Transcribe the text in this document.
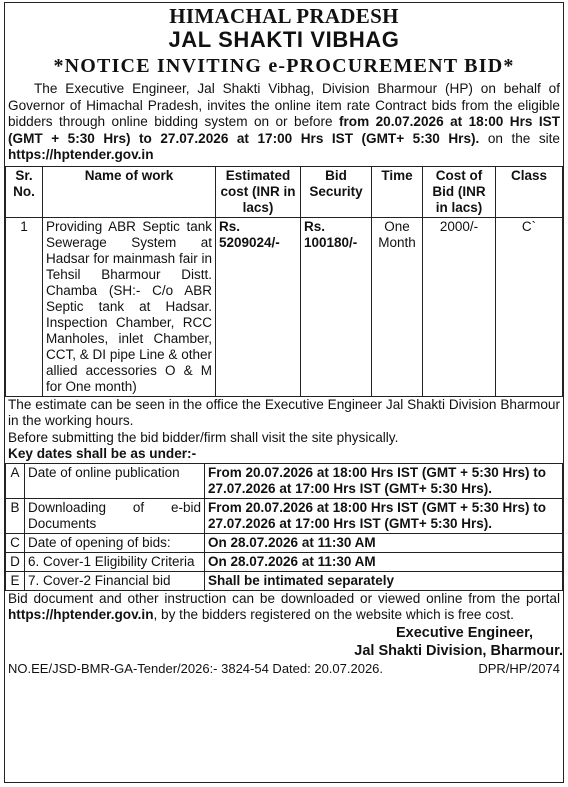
HIMACHAL PRADESH
JAL SHAKTI VIBHAG
*NOTICE INVITING e-PROCUREMENT BID*

The Executive Engineer, Jal Shakti Vibhag, Division Bharmour (HP) on behalf of Governor of Himachal Pradesh, invites the online item rate Contract bids from the eligible bidders through online bidding system on or before from 20.07.2026 at 18:00 Hrs IST (GMT + 5:30 Hrs) to 27.07.2026 at 17:00 Hrs IST (GMT+ 5:30 Hrs). on the site https://hptender.gov.in

Sr. No.	Name of work	Estimated cost (INR in lacs)	Bid Security	Time	Cost of Bid (INR in lacs)	Class
1	Providing ABR Septic tank Sewerage System at Hadsar for mainmash fair in Tehsil Bharmour Distt. Chamba (SH:- C/o ABR Septic tank at Hadsar. Inspection Chamber, RCC Manholes, inlet Chamber, CCT, & DI pipe Line & other allied accessories O & M for One month)	Rs. 5209024/-	Rs. 100180/-	One Month	2000/-	C`

The estimate can be seen in the office the Executive Engineer Jal Shakti Division Bharmour in the working hours.

Before submitting the bid bidder/firm shall visit the site physically.

Key dates shall be as under:-

A	Date of online publication	From 20.07.2026 at 18:00 Hrs IST (GMT + 5:30 Hrs) to 27.07.2026 at 17:00 Hrs IST (GMT+ 5:30 Hrs).
B	Downloading of e-bid Documents	From 20.07.2026 at 18:00 Hrs IST (GMT + 5:30 Hrs) to 27.07.2026 at 17:00 Hrs IST (GMT+ 5:30 Hrs).
C	Date of opening of bids:	On 28.07.2026 at 11:30 AM
D	6. Cover-1 Eligibility Criteria	On 28.07.2026 at 11:30 AM
E	7. Cover-2 Financial bid	Shall be intimated separately
Bid document and other instruction can be downloaded or viewed online from the portal https://hptender.gov.in, by the bidders registered on the website which is free cost.
Executive Engineer,
Jal Shakti Division, Bharmour.
NO.EE/JSD-BMR-GA-Tender/2026:- 3824-54 Dated: 20.07.2026.	DPR/HP/2074
